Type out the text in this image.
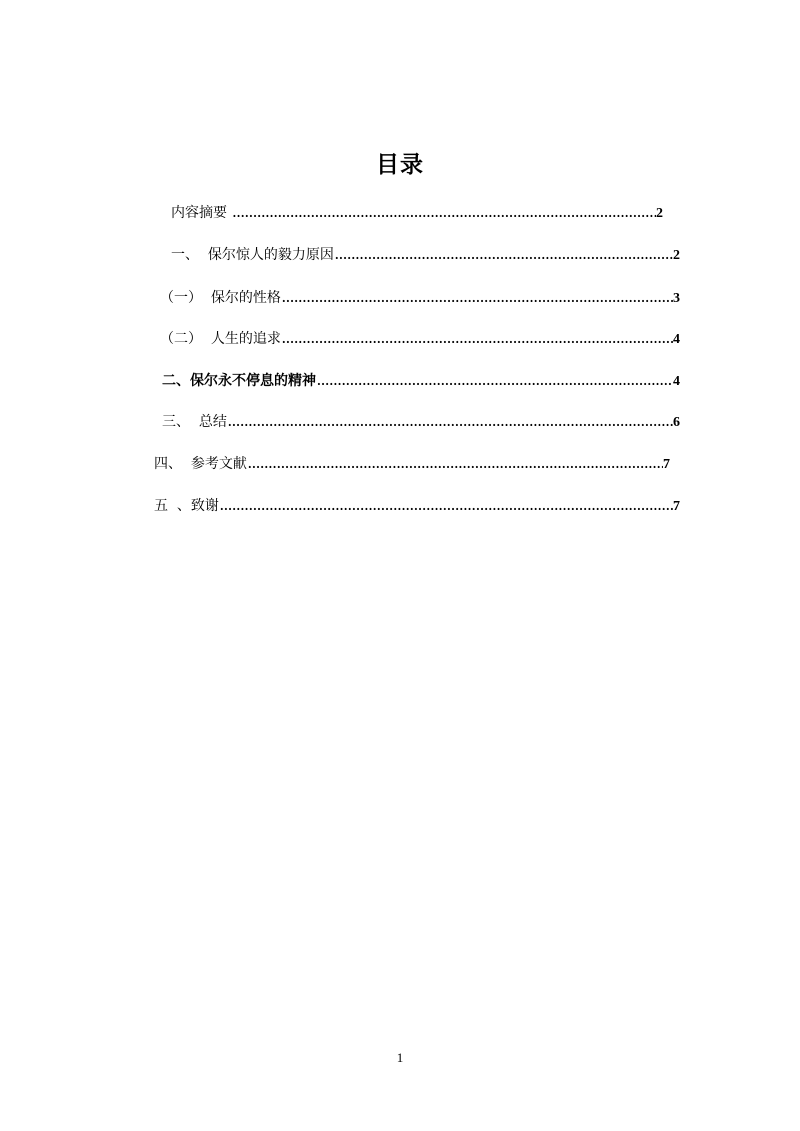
目录
内容摘要 .....	2
一、  保尔惊人的毅力原因 .....	2
（一）  保尔的性格 .....	3
（二）  人生的追求 .....	4
二、保尔永不停息的精神 .....	4
三、  总结 .....	6
四、  参考文献 .....	7
五  、致谢 .....	7
1
